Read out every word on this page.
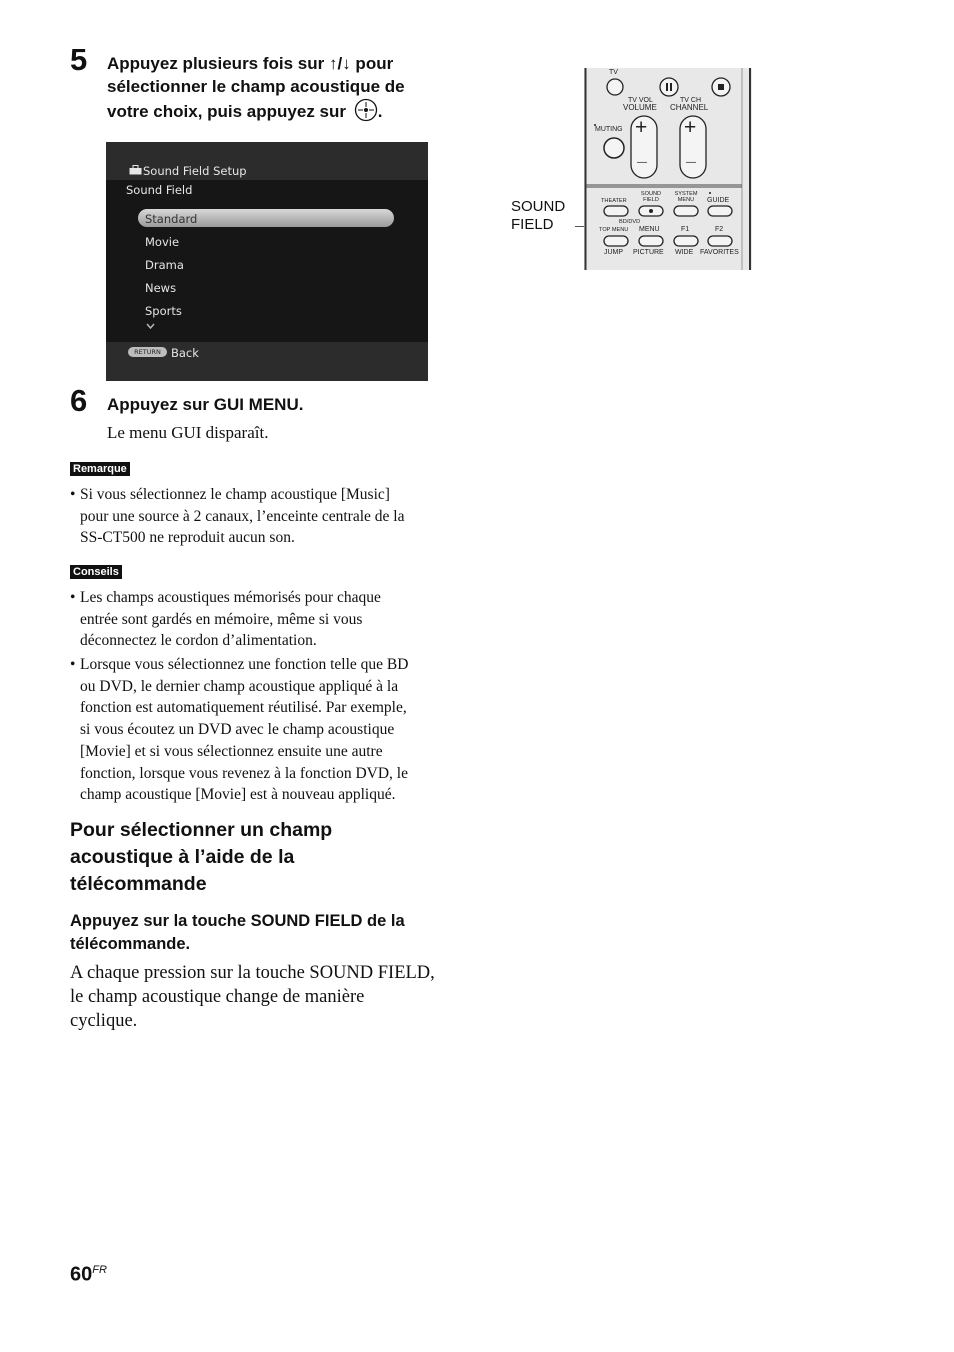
5 Appuyez plusieurs fois sur ↑/↓ pour
sélectionner le champ acoustique de
votre choix, puis appuyez sur .
Sound Field Setup
Sound Field
Standard
Movie
Drama
News
Sports
RETURN Back
6 Appuyez sur GUI MENU.
Le menu GUI disparaît.
Remarque
• Si vous sélectionnez le champ acoustique [Music]
pour une source à 2 canaux, l’enceinte centrale de la
SS-CT500 ne reproduit aucun son.
Conseils
• Les champs acoustiques mémorisés pour chaque
entrée sont gardés en mémoire, même si vous
déconnectez le cordon d’alimentation.
• Lorsque vous sélectionnez une fonction telle que BD
ou DVD, le dernier champ acoustique appliqué à la
fonction est automatiquement réutilisé. Par exemple,
si vous écoutez un DVD avec le champ acoustique
[Movie] et si vous sélectionnez ensuite une autre
fonction, lorsque vous revenez à la fonction DVD, le
champ acoustique [Movie] est à nouveau appliqué.
Pour sélectionner un champ
acoustique à l’aide de la
télécommande
Appuyez sur la touche SOUND FIELD de la
télécommande.
A chaque pression sur la touche SOUND FIELD,
le champ acoustique change de manière
cyclique.
SOUND
FIELD
TV
TV VOL
VOLUME
TV CH
CHANNEL
MUTING +
—
+
—
THEATER
SOUND FIELD
SYSTEM MENU	GUIDE
BD/DVD
TOP MENU MENU	F1	F2
JUMP PICTURE WIDE FAVORITES
$60^{FR}$
